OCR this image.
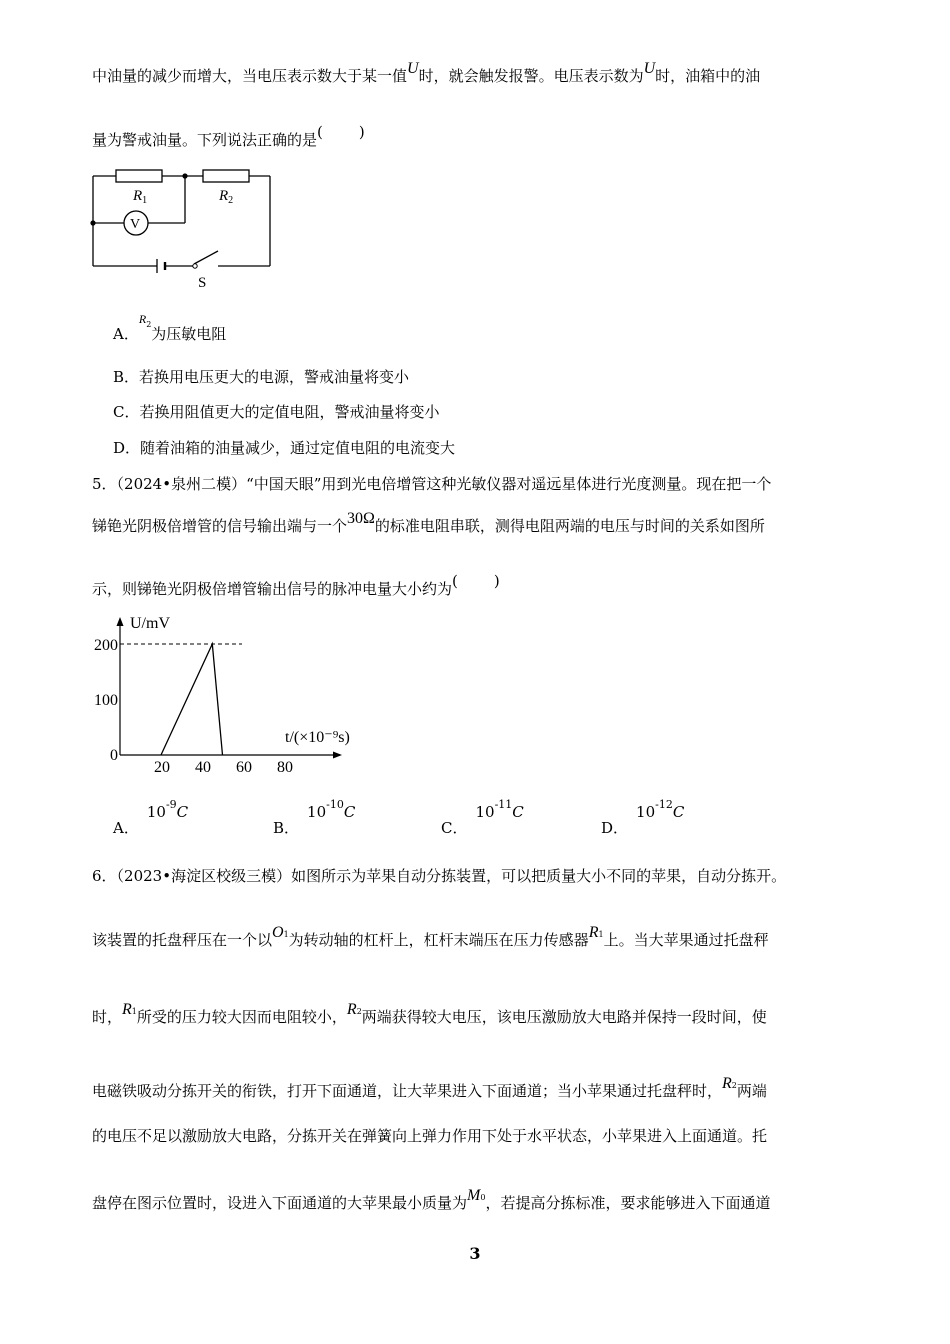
中油量的减少而增大，当电压表示数大于某一值U时，就会触发报警。电压表示数为U时，油箱中的油
量为警戒油量。下列说法正确的是( )
$R_1$	$R_2$
V
S
A．$^{R2}$为压敏电阻
B．若换用电压更大的电源，警戒油量将变小
C．若换用阻值更大的定值电阻，警戒油量将变小
D．随着油箱的油量减少，通过定值电阻的电流变大
5．（2024•泉州二模）“中国天眼”用到光电倍增管这种光敏仪器对遥远星体进行光度测量。现在把一个
锑铯光阴极倍增管的信号输出端与一个30Ω的标准电阻串联，测得电阻两端的电压与时间的关系如图所
示，则锑铯光阴极倍增管输出信号的脉冲电量大小约为( )
U/mV
t/(×10⁻⁹s)
200
100
0
20 40 60 80
A．$10^{-9}C$
B．$10^{-10}C$
C．$10^{-11}C$
D．$10^{-12}C$
6．（2023•海淀区校级三模）如图所示为苹果自动分拣装置，可以把质量大小不同的苹果，自动分拣开。
该装置的托盘秤压在一个以$O^1$为转动轴的杠杆上，杠杆末端压在压力传感器$R^1$上。当大苹果通过托盘秤
时，$R^1$所受的压力较大因而电阻较小，$R^2$两端获得较大电压，该电压激励放大电路并保持一段时间，使
电磁铁吸动分拣开关的衔铁，打开下面通道，让大苹果进入下面通道；当小苹果通过托盘秤时，$R^2$两端
的电压不足以激励放大电路，分拣开关在弹簧向上弹力作用下处于水平状态，小苹果进入上面通道。托
盘停在图示位置时，设进入下面通道的大苹果最小质量为$M^0$，若提高分拣标准，要求能够进入下面通道
3
